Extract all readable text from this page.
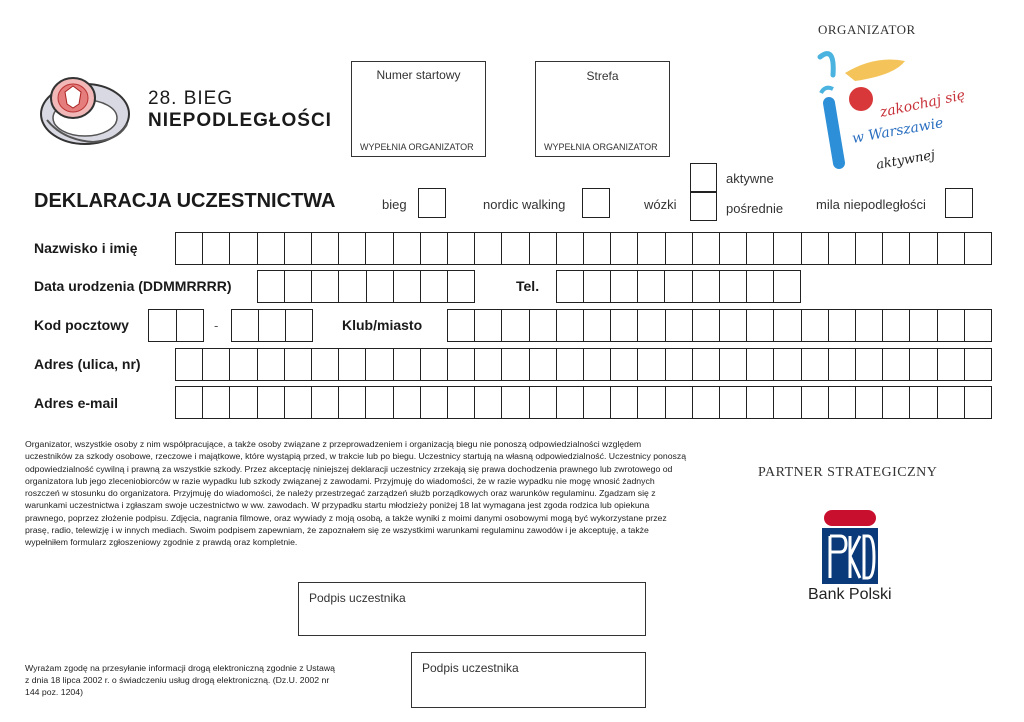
28. BIEG
NIEPODLEGŁOŚCI
Numer startowy
WYPEŁNIA ORGANIZATOR
Strefa
WYPEŁNIA ORGANIZATOR
ORGANIZATOR
zakochaj się
w Warszawie
aktywnej
DEKLARACJA UCZESTNICTWA	bieg	nordic walking	wózki
aktywne
pośrednie	mila niepodległości
Nazwisko i imię
Data urodzenia (DDMMRRRR)	Tel.
Kod pocztowy	-	Klub/miasto
Adres (ulica, nr)
Adres e-mail
Organizator, wszystkie osoby z nim współpracujące, a także osoby związane z przeprowadzeniem i organizacją biegu nie ponoszą odpowiedzialności względem uczestników za szkody osobowe, rzeczowe i majątkowe, które wystąpią przed, w trakcie lub po biegu. Uczestnicy startują na własną odpowiedzialność. Uczestnicy ponoszą odpowiedzialność cywilną i prawną za wszystkie szkody. Przez akceptację niniejszej deklaracji uczestnicy zrzekają się prawa dochodzenia prawnego lub zwrotowego od organizatora lub jego zleceniobiorców w razie wypadku lub szkody związanej z zawodami. Przyjmuję do wiadomości, że w razie wypadku nie mogę wnosić żadnych roszczeń w stosunku do organizatora. Przyjmuję do wiadomości, że należy przestrzegać zarządzeń służb porządkowych oraz warunków regulaminu. Zgadzam się z warunkami uczestnictwa i zgłaszam swoje uczestnictwo w ww. zawodach. W przypadku startu młodzieży poniżej 18 lat wymagana jest zgoda rodzica lub opiekuna prawnego, poprzez złożenie podpisu. Zdjęcia, nagrania filmowe, oraz wywiady z moją osobą, a także wyniki z moimi danymi osobowymi mogą być wykorzystane przez prasę, radio, telewizję i w innych mediach. Swoim podpisem zapewniam, że zapoznałem się ze wszystkimi warunkami regulaminu zawodów i je akceptuję, a także wypełniłem formularz zgłoszeniowy zgodnie z prawdą oraz kompletnie.
Podpis uczestnika
Wyrażam zgodę na przesyłanie informacji drogą elektroniczną zgodnie z Ustawą z dnia 18 lipca 2002 r. o świadczeniu usług drogą elektroniczną. (Dz.U. 2002 nr 144 poz. 1204)
Podpis uczestnika
PARTNER STRATEGICZNY
Bank Polski
